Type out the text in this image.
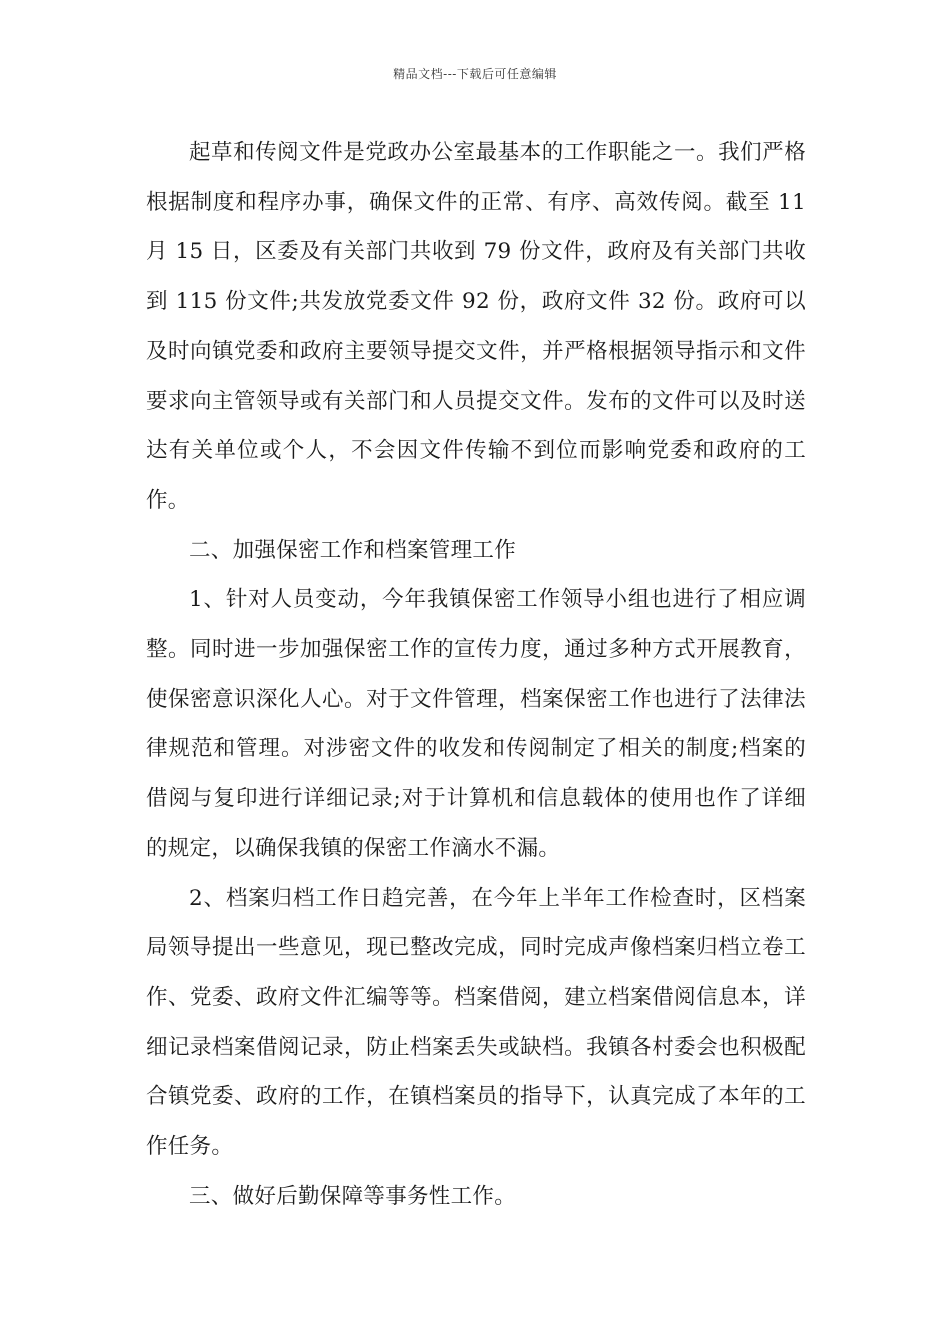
精品文档---下载后可任意编辑

起草和传阅文件是党政办公室最基本的工作职能之一。我们严格根据制度和程序办事，确保文件的正常、有序、高效传阅。截至 11 月 15 日，区委及有关部门共收到 79 份文件，政府及有关部门共收到 115 份文件;共发放党委文件 92 份，政府文件 32 份。政府可以及时向镇党委和政府主要领导提交文件，并严格根据领导指示和文件要求向主管领导或有关部门和人员提交文件。发布的文件可以及时送达有关单位或个人，不会因文件传输不到位而影响党委和政府的工作。

二、加强保密工作和档案管理工作

1、针对人员变动，今年我镇保密工作领导小组也进行了相应调整。同时进一步加强保密工作的宣传力度，通过多种方式开展教育，使保密意识深化人心。对于文件管理，档案保密工作也进行了法律法律规范和管理。对涉密文件的收发和传阅制定了相关的制度;档案的借阅与复印进行详细记录;对于计算机和信息载体的使用也作了详细的规定，以确保我镇的保密工作滴水不漏。

2、档案归档工作日趋完善，在今年上半年工作检查时，区档案局领导提出一些意见，现已整改完成，同时完成声像档案归档立卷工作、党委、政府文件汇编等等。档案借阅，建立档案借阅信息本，详细记录档案借阅记录，防止档案丢失或缺档。我镇各村委会也积极配合镇党委、政府的工作，在镇档案员的指导下，认真完成了本年的工作任务。

三、做好后勤保障等事务性工作。
